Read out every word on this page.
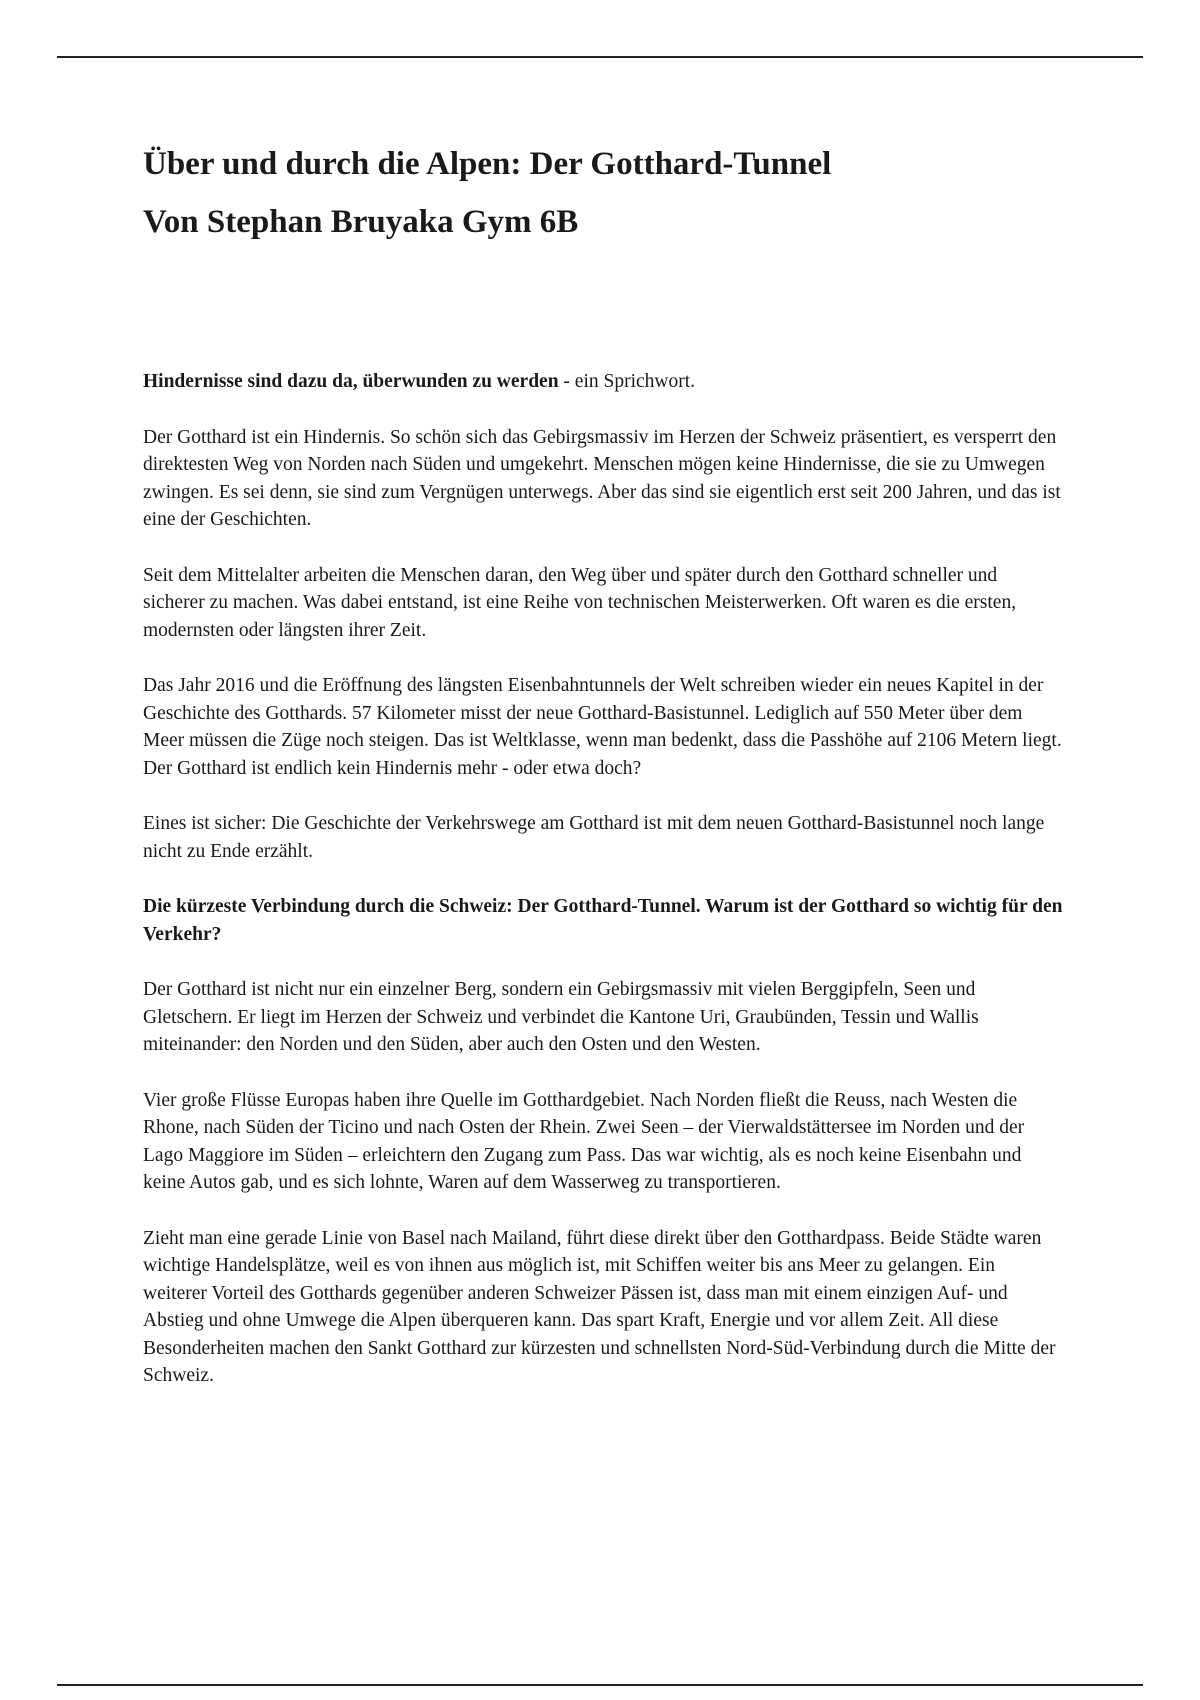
Über und durch die Alpen: Der Gotthard-Tunnel
Von Stephan Bruyaka Gym 6B

Hindernisse sind dazu da, überwunden zu werden - ein Sprichwort.

Der Gotthard ist ein Hindernis. So schön sich das Gebirgsmassiv im Herzen der Schweiz präsentiert, es versperrt den direktesten Weg von Norden nach Süden und umgekehrt. Menschen mögen keine Hindernisse, die sie zu Umwegen zwingen. Es sei denn, sie sind zum Vergnügen unterwegs. Aber das sind sie eigentlich erst seit 200 Jahren, und das ist eine der Geschichten.

Seit dem Mittelalter arbeiten die Menschen daran, den Weg über und später durch den Gotthard schneller und sicherer zu machen. Was dabei entstand, ist eine Reihe von technischen Meisterwerken. Oft waren es die ersten, modernsten oder längsten ihrer Zeit.

Das Jahr 2016 und die Eröffnung des längsten Eisenbahntunnels der Welt schreiben wieder ein neues Kapitel in der Geschichte des Gotthards. 57 Kilometer misst der neue Gotthard-Basistunnel. Lediglich auf 550 Meter über dem Meer müssen die Züge noch steigen. Das ist Weltklasse, wenn man bedenkt, dass die Passhöhe auf 2106 Metern liegt. Der Gotthard ist endlich kein Hindernis mehr - oder etwa doch?

Eines ist sicher: Die Geschichte der Verkehrswege am Gotthard ist mit dem neuen Gotthard-Basistunnel noch lange nicht zu Ende erzählt.

Die kürzeste Verbindung durch die Schweiz: Der Gotthard-Tunnel. Warum ist der Gotthard so wichtig für den Verkehr?

Der Gotthard ist nicht nur ein einzelner Berg, sondern ein Gebirgsmassiv mit vielen Berggipfeln, Seen und Gletschern. Er liegt im Herzen der Schweiz und verbindet die Kantone Uri, Graubünden, Tessin und Wallis miteinander: den Norden und den Süden, aber auch den Osten und den Westen.

Vier große Flüsse Europas haben ihre Quelle im Gotthardgebiet. Nach Norden fließt die Reuss, nach Westen die Rhone, nach Süden der Ticino und nach Osten der Rhein. Zwei Seen – der Vierwaldstättersee im Norden und der Lago Maggiore im Süden – erleichtern den Zugang zum Pass. Das war wichtig, als es noch keine Eisenbahn und keine Autos gab, und es sich lohnte, Waren auf dem Wasserweg zu transportieren.

Zieht man eine gerade Linie von Basel nach Mailand, führt diese direkt über den Gotthardpass. Beide Städte waren wichtige Handelsplätze, weil es von ihnen aus möglich ist, mit Schiffen weiter bis ans Meer zu gelangen. Ein weiterer Vorteil des Gotthards gegenüber anderen Schweizer Pässen ist, dass man mit einem einzigen Auf- und Abstieg und ohne Umwege die Alpen überqueren kann. Das spart Kraft, Energie und vor allem Zeit. All diese Besonderheiten machen den Sankt Gotthard zur kürzesten und schnellsten Nord-Süd-Verbindung durch die Mitte der Schweiz.
